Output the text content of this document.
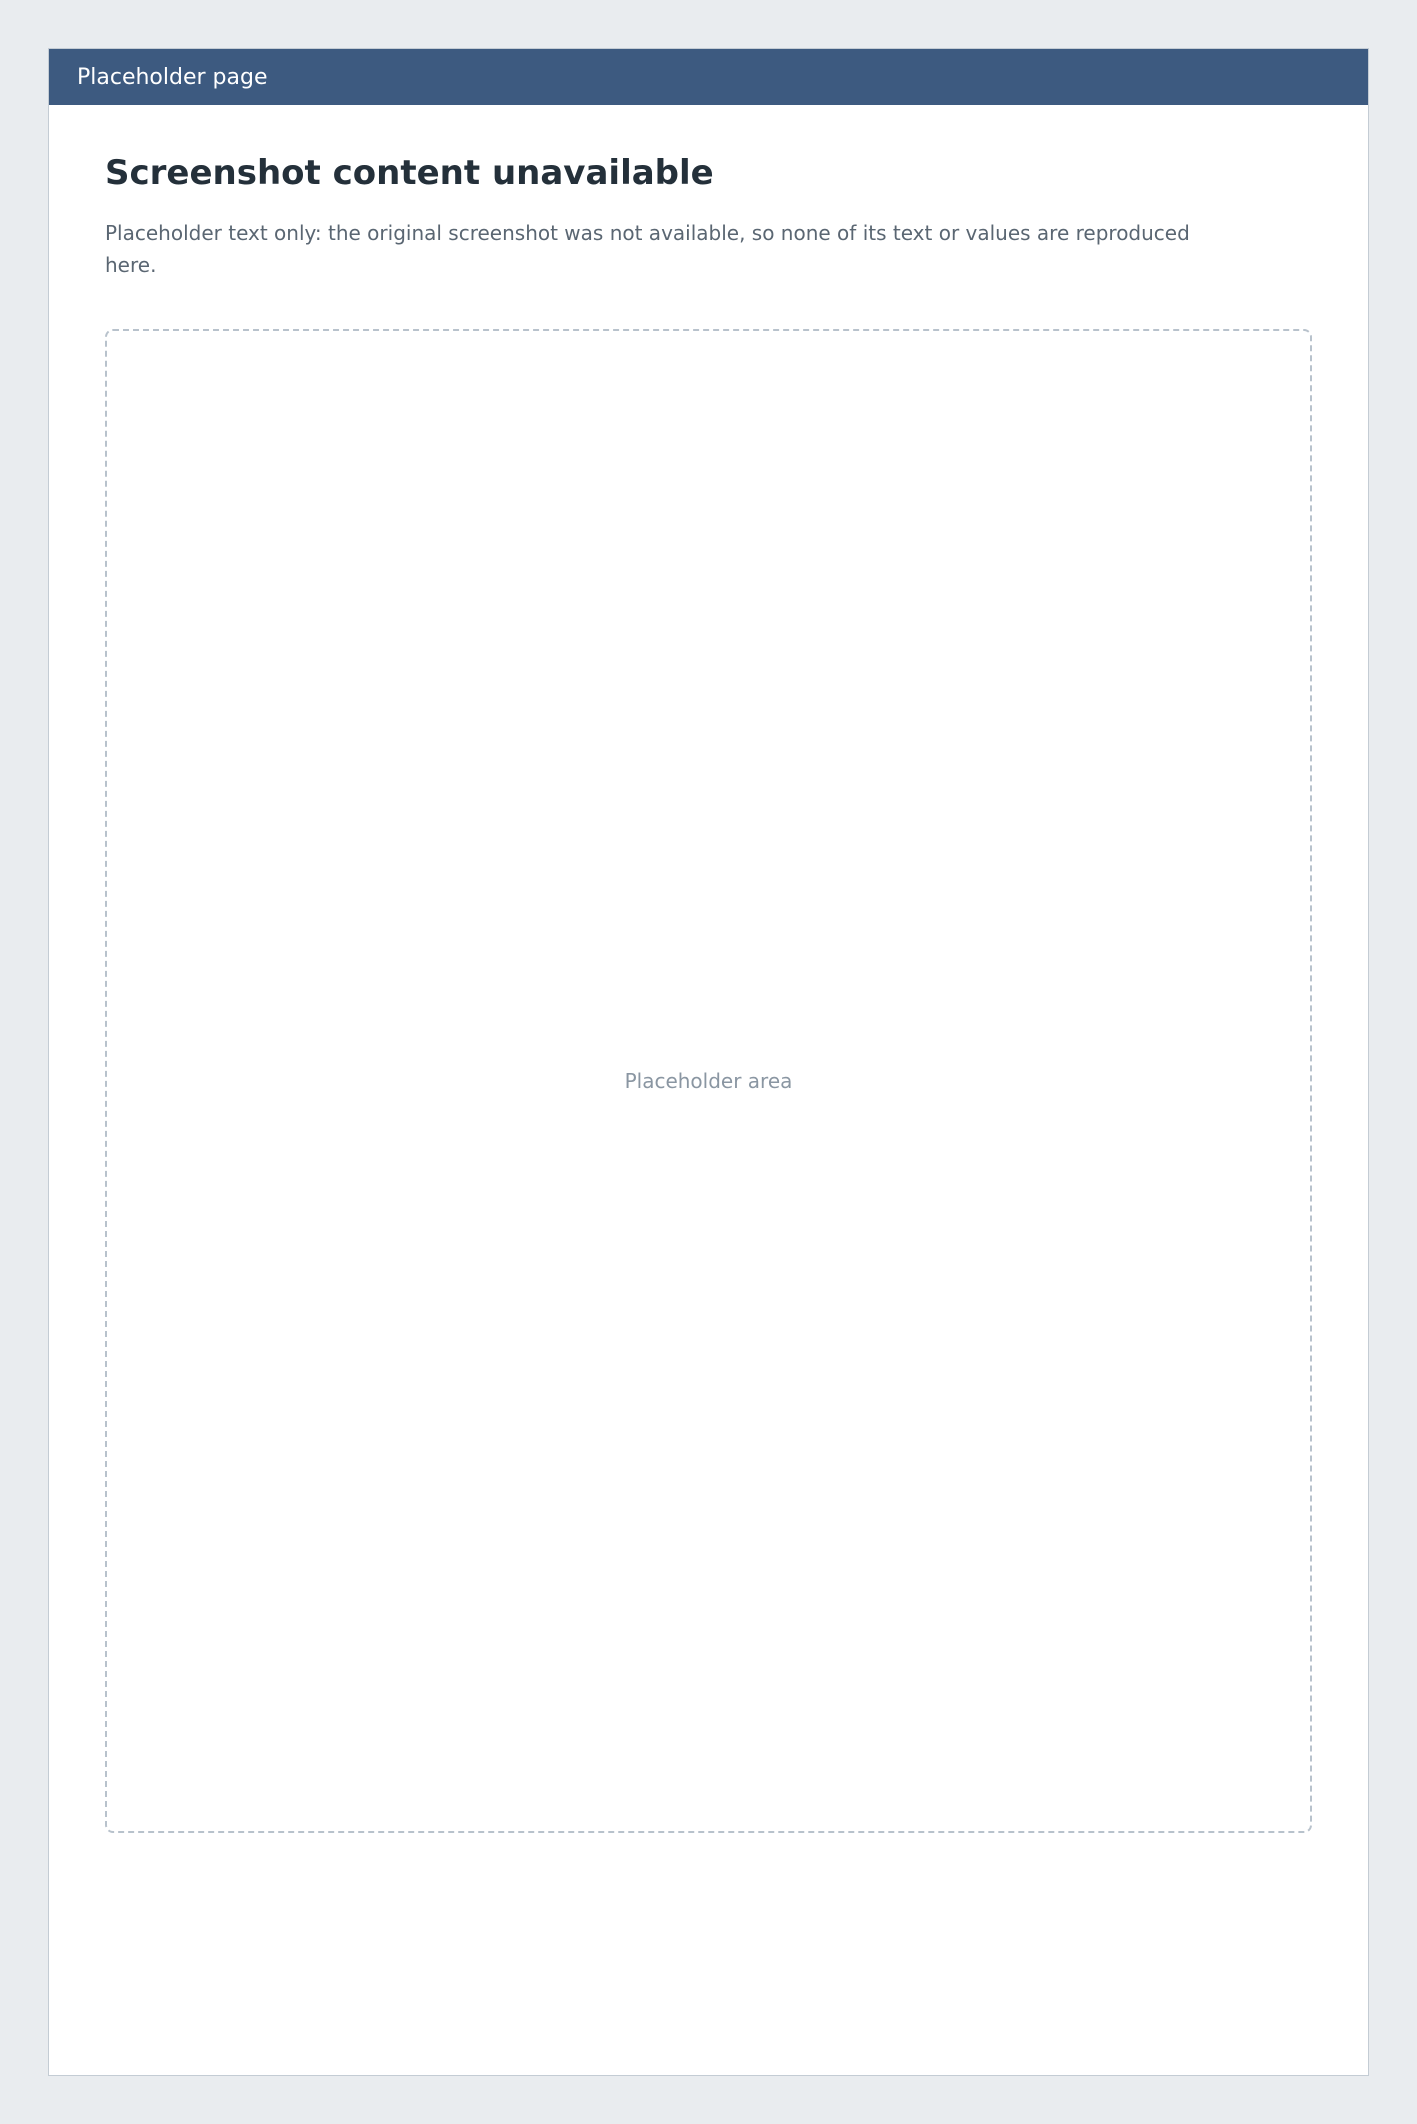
Placeholder page
Screenshot content unavailable

Placeholder text only: the original screenshot was not available, so none of its text or values are reproduced here.

Placeholder area
